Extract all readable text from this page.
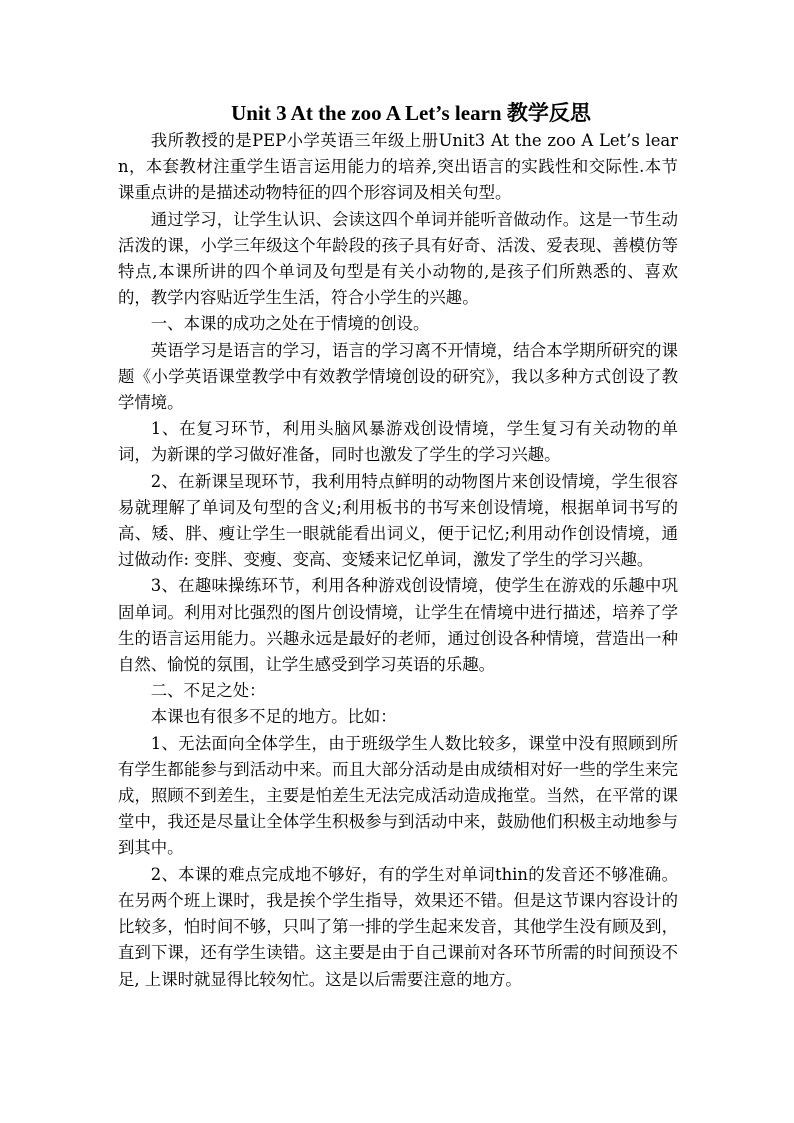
Unit 3 At the zoo A Let’s learn 教学反思

我所教授的是PEP小学英语三年级上册Unit3 At the zoo A Let’s learn，本套教材注重学生语言运用能力的培养,突出语言的实践性和交际性.本节课重点讲的是描述动物特征的四个形容词及相关句型。

通过学习，让学生认识、会读这四个单词并能听音做动作。这是一节生动活泼的课，小学三年级这个年龄段的孩子具有好奇、活泼、爱表现、善模仿等特点,本课所讲的四个单词及句型是有关小动物的,是孩子们所熟悉的、喜欢的，教学内容贴近学生生活，符合小学生的兴趣。

一、本课的成功之处在于情境的创设。

英语学习是语言的学习，语言的学习离不开情境，结合本学期所研究的课题《小学英语课堂教学中有效教学情境创设的研究》，我以多种方式创设了教学情境。

1、在复习环节，利用头脑风暴游戏创设情境，学生复习有关动物的单词，为新课的学习做好准备，同时也激发了学生的学习兴趣。

2、在新课呈现环节，我利用特点鲜明的动物图片来创设情境，学生很容易就理解了单词及句型的含义;利用板书的书写来创设情境，根据单词书写的高、矮、胖、瘦让学生一眼就能看出词义，便于记忆;利用动作创设情境，通过做动作: 变胖、变瘦、变高、变矮来记忆单词，激发了学生的学习兴趣。

3、在趣味操练环节，利用各种游戏创设情境，使学生在游戏的乐趣中巩固单词。利用对比强烈的图片创设情境，让学生在情境中进行描述，培养了学生的语言运用能力。兴趣永远是最好的老师，通过创设各种情境，营造出一种自然、愉悦的氛围，让学生感受到学习英语的乐趣。

二、不足之处：

本课也有很多不足的地方。比如：

1、无法面向全体学生，由于班级学生人数比较多，课堂中没有照顾到所有学生都能参与到活动中来。而且大部分活动是由成绩相对好一些的学生来完成，照顾不到差生，主要是怕差生无法完成活动造成拖堂。当然，在平常的课堂中，我还是尽量让全体学生积极参与到活动中来，鼓励他们积极主动地参与到其中。

2、本课的难点完成地不够好，有的学生对单词thin的发音还不够准确。在另两个班上课时，我是挨个学生指导，效果还不错。但是这节课内容设计的比较多，怕时间不够，只叫了第一排的学生起来发音，其他学生没有顾及到，直到下课，还有学生读错。这主要是由于自己课前对各环节所需的时间预设不足, 上课时就显得比较匆忙。这是以后需要注意的地方。
